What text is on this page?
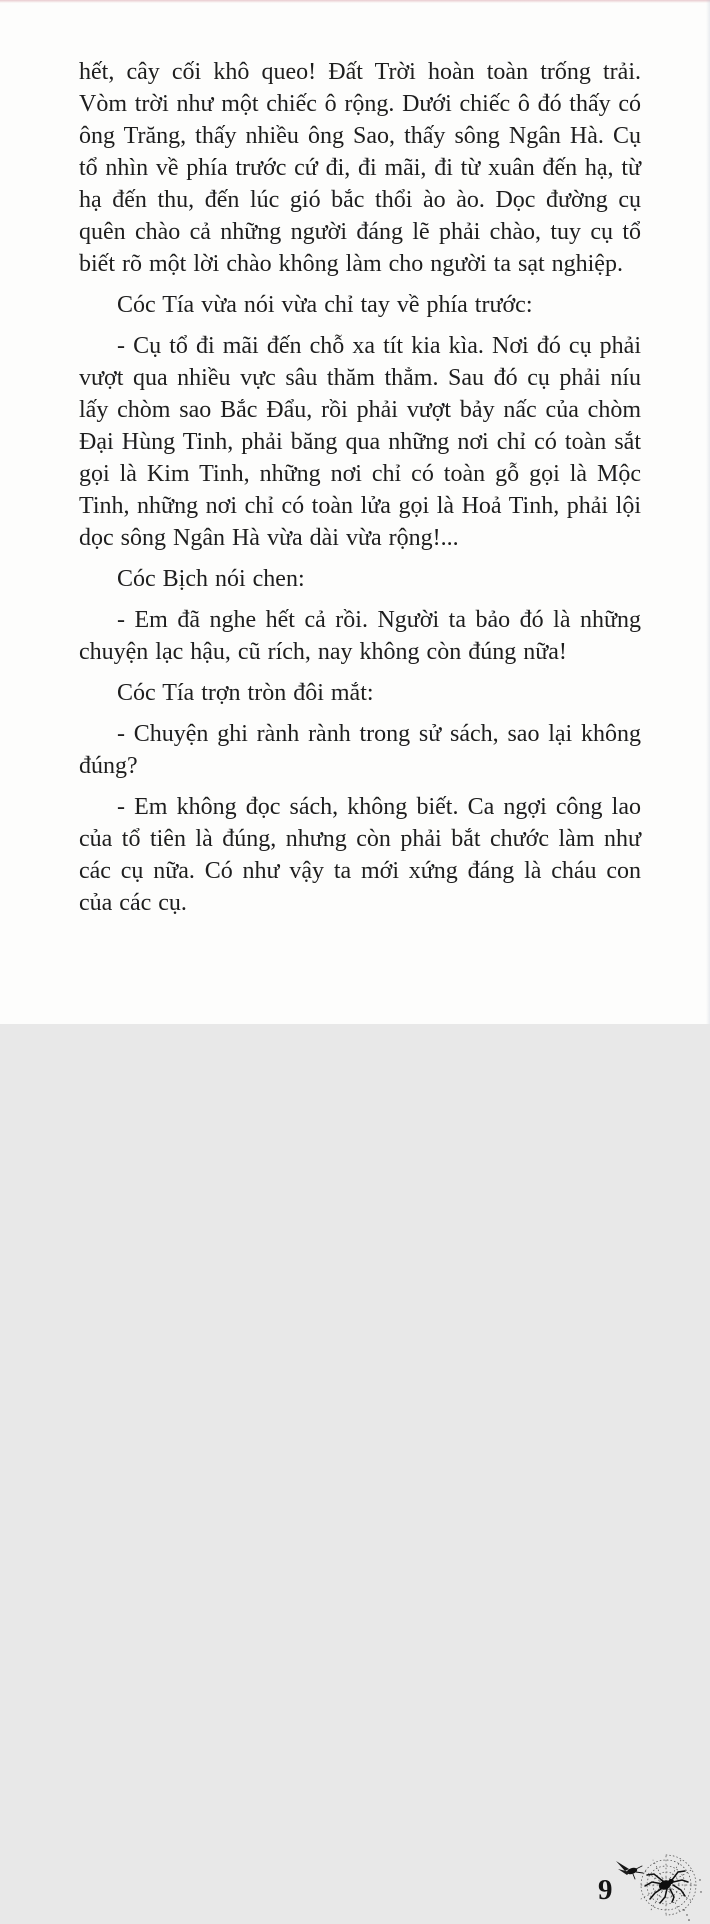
hết, cây cối khô queo! Đất Trời hoàn toàn trống trải. Vòm trời như một chiếc ô rộng. Dưới chiếc ô đó thấy có ông Trăng, thấy nhiều ông Sao, thấy sông Ngân Hà. Cụ tổ nhìn về phía trước cứ đi, đi mãi, đi từ xuân đến hạ, từ hạ đến thu, đến lúc gió bắc thổi ào ào. Dọc đường cụ quên chào cả những người đáng lẽ phải chào, tuy cụ tổ biết rõ một lời chào không làm cho người ta sạt nghiệp.

Cóc Tía vừa nói vừa chỉ tay về phía trước:

- Cụ tổ đi mãi đến chỗ xa tít kia kìa. Nơi đó cụ phải vượt qua nhiều vực sâu thăm thẳm. Sau đó cụ phải níu lấy chòm sao Bắc Đẩu, rồi phải vượt bảy nấc của chòm Đại Hùng Tinh, phải băng qua những nơi chỉ có toàn sắt gọi là Kim Tinh, những nơi chỉ có toàn gỗ gọi là Mộc Tinh, những nơi chỉ có toàn lửa gọi là Hoả Tinh, phải lội dọc sông Ngân Hà vừa dài vừa rộng!...

Cóc Bịch nói chen:

- Em đã nghe hết cả rồi. Người ta bảo đó là những chuyện lạc hậu, cũ rích, nay không còn đúng nữa!

Cóc Tía trợn tròn đôi mắt:

- Chuyện ghi rành rành trong sử sách, sao lại không đúng?

- Em không đọc sách, không biết. Ca ngợi công lao của tổ tiên là đúng, nhưng còn phải bắt chước làm như các cụ nữa. Có như vậy ta mới xứng đáng là cháu con của các cụ.

9
